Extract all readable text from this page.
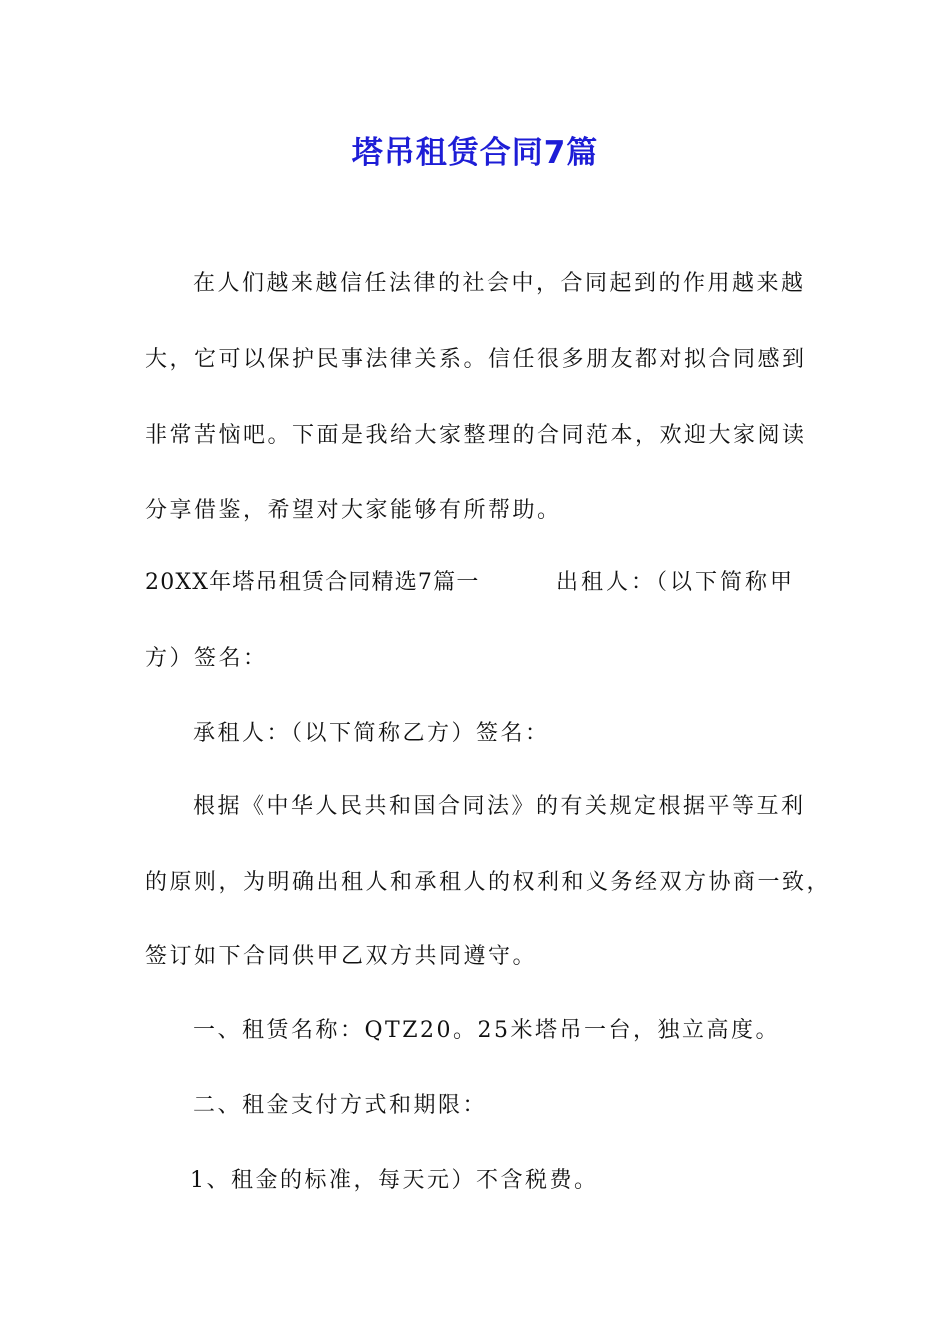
塔吊租赁合同7篇
在人们越来越信任法律的社会中，合同起到的作用越来越
大，它可以保护民事法律关系。信任很多朋友都对拟合同感到
非常苦恼吧。下面是我给大家整理的合同范本，欢迎大家阅读
分享借鉴，希望对大家能够有所帮助。
20XX年塔吊租赁合同精选7篇一	出租人：（以下简称甲
方）签名：
承租人：（以下简称乙方）签名：
根据《中华人民共和国合同法》的有关规定根据平等互利
的原则，为明确出租人和承租人的权利和义务经双方协商一致，
签订如下合同供甲乙双方共同遵守。
一、租赁名称：QTZ20。25米塔吊一台，独立高度。
二、租金支付方式和期限：
1、租金的标准，每天元）不含税费。
